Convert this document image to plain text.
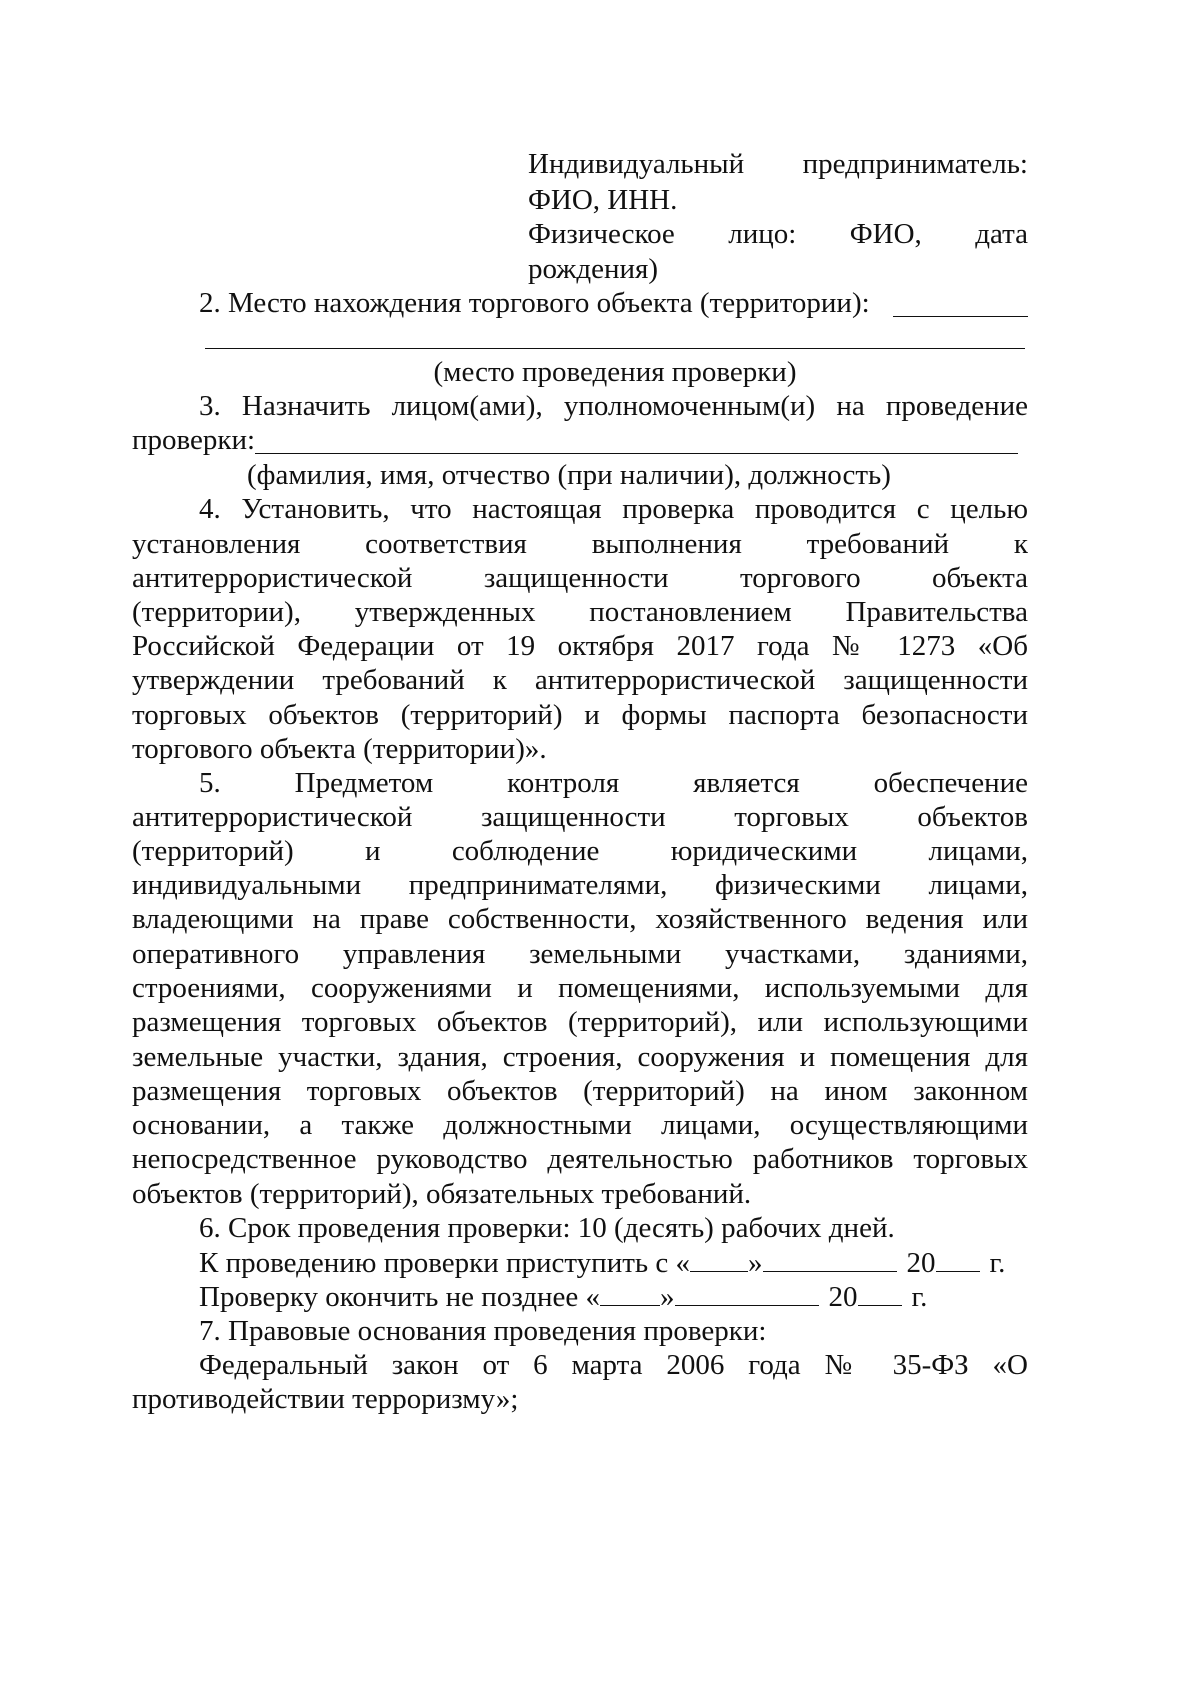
Индивидуальный предприниматель:
ФИО, ИНН.
Физическое лицо: ФИО, дата
рождения)
2. Место нахождения торгового объекта (территории):
(место проведения проверки)
3. Назначить лицом(ами), уполномоченным(и) на проведение
проверки:
(фамилия, имя, отчество (при наличии), должность)
4. Установить, что настоящая проверка проводится с целью
установления соответствия выполнения требований к
антитеррористической защищенности торгового объекта
(территории), утвержденных постановлением Правительства
Российской Федерации от 19 октября 2017 года № 1273 «Об
утверждении требований к антитеррористической защищенности
торговых объектов (территорий) и формы паспорта безопасности
торгового объекта (территории)».
5. Предметом контроля является обеспечение
антитеррористической защищенности торговых объектов
(территорий) и соблюдение юридическими лицами,
индивидуальными предпринимателями, физическими лицами,
владеющими на праве собственности, хозяйственного ведения или
оперативного управления земельными участками, зданиями,
строениями, сооружениями и помещениями, используемыми для
размещения торговых объектов (территорий), или использующими
земельные участки, здания, строения, сооружения и помещения для
размещения торговых объектов (территорий) на ином законном
основании, а также должностными лицами, осуществляющими
непосредственное руководство деятельностью работников торговых
объектов (территорий), обязательных требований.
6. Срок проведения проверки: 10 (десять) рабочих дней.
К проведению проверки приступить с « »	20 г.
Проверку окончить не позднее « »	20 г.
7. Правовые основания проведения проверки:
Федеральный закон от 6 марта 2006 года № 35-ФЗ «О
противодействии терроризму»;
